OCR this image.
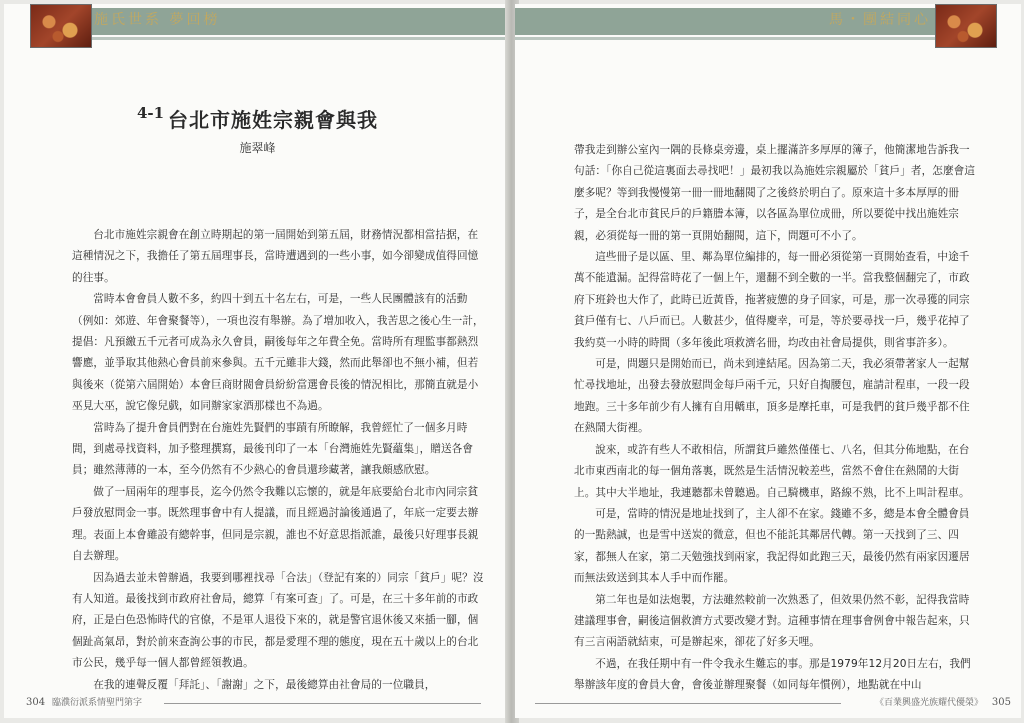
施氏世系 夢回榜
4-1 台北市施姓宗親會與我
施翠峰

台北市施姓宗親會在創立時期起的第一屆開始到第五屆，財務情況都相當拮据，在這種情況之下，我擔任了第五屆理事長，當時遭遇到的一些小事，如今卻變成值得回憶的往事。

當時本會會員人數不多，約四十到五十名左右，可是，一些人民團體該有的活動（例如：郊遊、年會聚餐等），一項也沒有舉辦。為了增加收入，我苦思之後心生一計，提倡：凡預繳五千元者可成為永久會員，嗣後每年之年費全免。當時所有理監事都熱烈響應，並爭取其他熱心會員前來參與。五千元雖非大錢，然而此舉卻也不無小補，但若與後來（從第六屆開始）本會巨商財閥會員紛紛當選會長後的情況相比，那簡直就是小巫見大巫，說它像兒戲，如同辦家家酒那樣也不為過。

當時為了提升會員們對在台施姓先賢們的事蹟有所瞭解，我曾經忙了一個多月時間，到處尋找資料，加予整理撰寫，最後刊印了一本「台灣施姓先賢蘊集」，贈送各會員；雖然薄薄的一本，至今仍然有不少熱心的會員還珍藏著，讓我頗感欣慰。

做了一屆兩年的理事長，迄今仍然令我難以忘懷的，就是年底要給台北市內同宗貧戶發放慰問金一事。既然理事會中有人提議，而且經過討論後通過了，年底一定要去辦理。表面上本會雖設有總幹事，但同是宗親，誰也不好意思指派誰，最後只好理事長親自去辦理。

因為過去並未曾辦過，我要到哪裡找尋「合法」（登記有案的）同宗「貧戶」呢？沒有人知道。最後找到市政府社會局，總算「有案可查」了。可是，在三十多年前的市政府，正是白色恐怖時代的官僚，不是軍人退役下來的，就是警官退休後又來插一腳，個個趾高氣昂，對於前來查詢公事的市民，都是愛理不理的態度，現在五十歲以上的台北市公民，幾乎每一個人都曾經領教過。

在我的連聲反覆「拜託」、「謝謝」之下，最後總算由社會局的一位職員，

304 臨濮衍派系情聖門第字
馬・團結同心

帶我走到辦公室內一隅的長條桌旁邊，桌上擺滿許多厚厚的簿子，他簡潔地告訴我一句話：「你自己從這裏面去尋找吧！」最初我以為施姓宗親屬於「貧戶」者，怎麼會這麼多呢？等到我慢慢第一冊一冊地翻閱了之後終於明白了。原來這十多本厚厚的冊子，是全台北市貧民戶的戶籍謄本簿，以各區為單位成冊，所以要從中找出施姓宗親，必須從每一冊的第一頁開始翻閱，這下，問題可不小了。

這些冊子是以區、里、鄰為單位編排的，每一冊必須從第一頁開始查看，中途千萬不能遺漏。記得當時花了一個上午，還翻不到全數的一半。當我整個翻完了，市政府下班鈴也大作了，此時已近黃昏，拖著疲憊的身子回家，可是，那一次尋獲的同宗貧戶僅有七、八戶而已。人數甚少，值得慶幸，可是，等於要尋找一戶，幾乎花掉了我約莫一小時的時間（多年後此項救濟名冊，均改由社會局提供，則省事許多）。

可是，問題只是開始而已，尚未到達結尾。因為第二天，我必須帶著家人一起幫忙尋找地址，出發去發放慰問金每戶兩千元，只好自掏腰包，雇請計程車，一段一段地跑。三十多年前少有人擁有自用轎車，頂多是摩托車，可是我們的貧戶幾乎都不住在熱鬧大街裡。

說來，或許有些人不敢相信，所謂貧戶雖然僅僅七、八名，但其分佈地點，在台北市東西南北的每一個角落裏，既然是生活情況較差些，當然不會住在熱鬧的大街上。其中大半地址，我連聽都未曾聽過。自己騎機車，路線不熟，比不上叫計程車。

可是，當時的情況是地址找到了，主人卻不在家。錢雖不多，總是本會全體會員的一點熱誠，也是雪中送炭的微意，但也不能託其鄰居代轉。第一天找到了三、四家，都無人在家，第二天勉強找到兩家，我記得如此跑三天，最後仍然有兩家因遷居而無法致送到其本人手中而作罷。

第二年也是如法炮製，方法雖然較前一次熟悉了，但效果仍然不彰，記得我當時建議理事會，嗣後這個救濟方式要改變才對。這種事情在理事會例會中報告起來，只有三言兩語就結束，可是辦起來，卻花了好多天哩。

不過，在我任期中有一件令我永生難忘的事。那是1979年12月20日左右，我們舉辦該年度的會員大會，會後並辦理聚餐（如同每年慣例），地點就在中山

《百業興盛光族耀代優榮》 305
